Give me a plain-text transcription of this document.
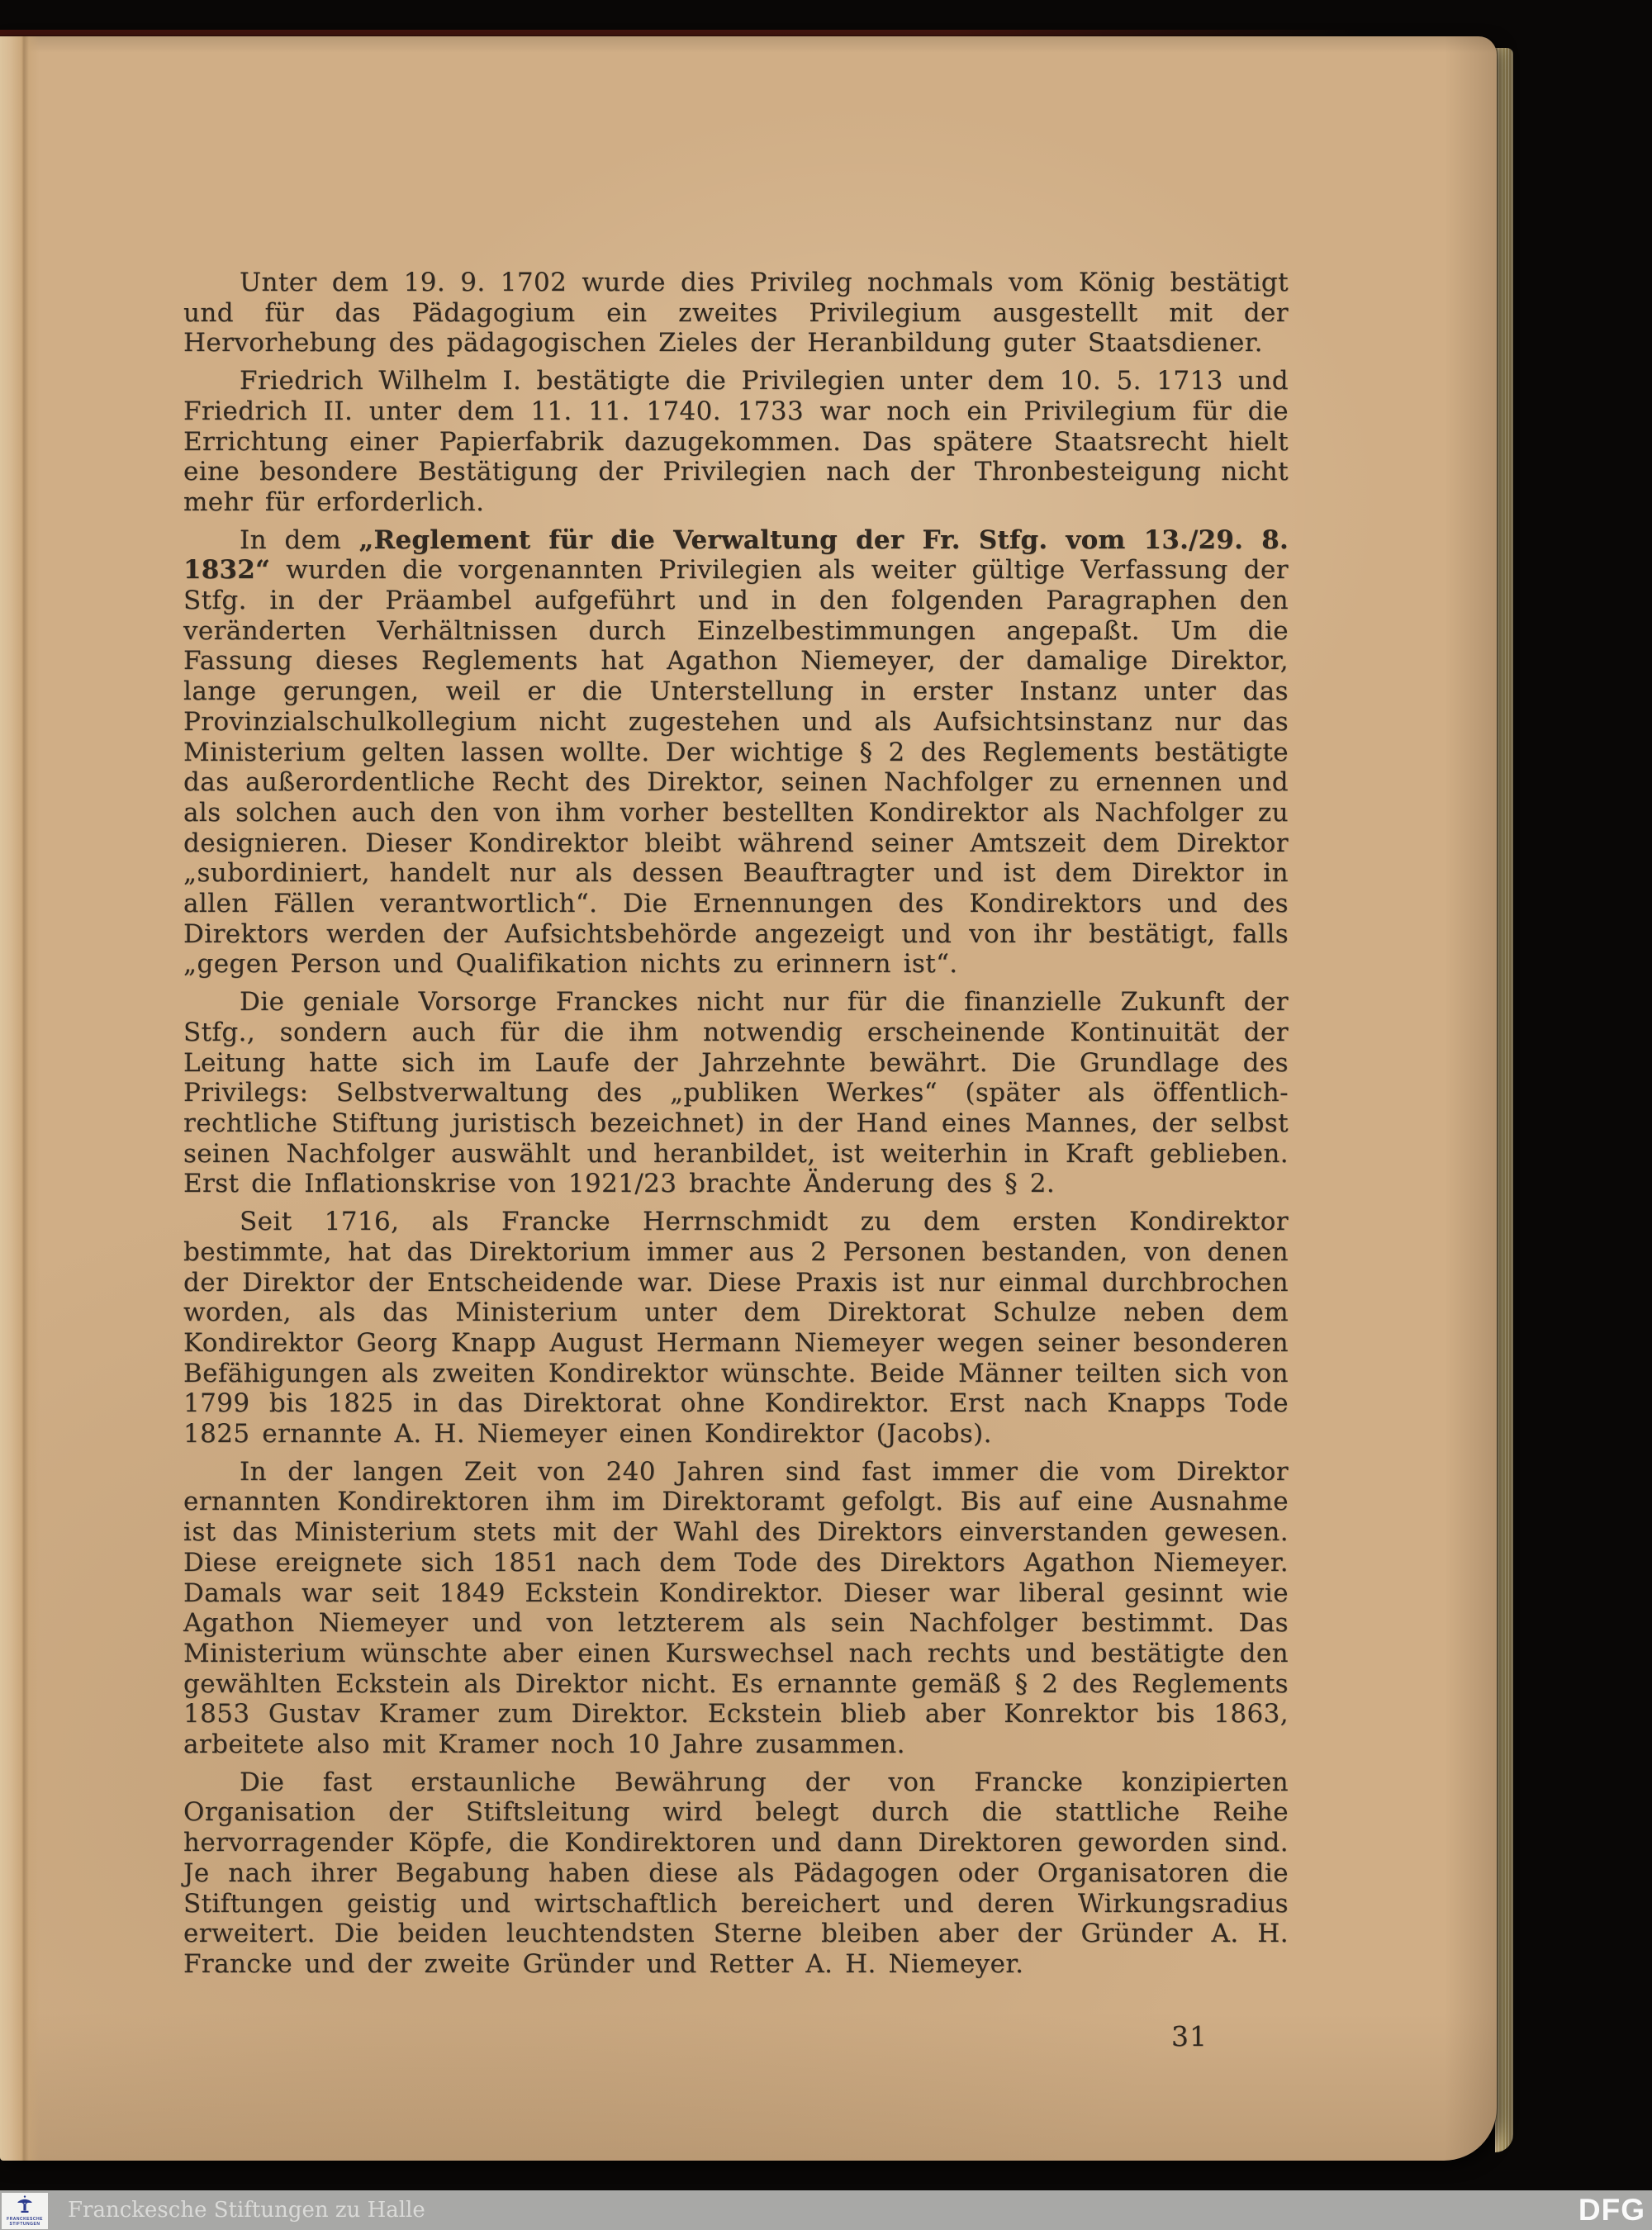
Unter dem 19. 9. 1702 wurde dies Privileg nochmals vom König bestätigt und für das Pädagogium ein zweites Privilegium ausgestellt mit der Hervorhebung des pädagogischen Zieles der Heranbildung guter Staatsdiener.

Friedrich Wilhelm I. bestätigte die Privilegien unter dem 10. 5. 1713 und Friedrich II. unter dem 11. 11. 1740. 1733 war noch ein Privilegium für die Errichtung einer Papierfabrik dazugekommen. Das spätere Staatsrecht hielt eine besondere Bestätigung der Privilegien nach der Thronbesteigung nicht mehr für erforderlich.

In dem „Reglement für die Verwaltung der Fr. Stfg. vom 13./29. 8. 1832“ wurden die vorgenannten Privilegien als weiter gültige Verfassung der Stfg. in der Präambel aufgeführt und in den folgenden Paragraphen den veränderten Verhältnissen durch Einzelbestimmungen angepaßt. Um die Fassung dieses Reglements hat Agathon Niemeyer, der damalige Direktor, lange gerungen, weil er die Unterstellung in erster Instanz unter das Provinzialschulkollegium nicht zugestehen und als Aufsichtsinstanz nur das Ministerium gelten lassen wollte. Der wichtige § 2 des Reglements bestätigte das außerordentliche Recht des Direktor, seinen Nachfolger zu ernennen und als solchen auch den von ihm vorher bestellten Kondirektor als Nachfolger zu designieren. Dieser Kondirektor bleibt während seiner Amtszeit dem Direktor „subordiniert, handelt nur als dessen Beauftragter und ist dem Direktor in allen Fällen verantwortlich“. Die Ernennungen des Kondirektors und des Direktors werden der Aufsichtsbehörde angezeigt und von ihr bestätigt, falls „gegen Person und Qualifikation nichts zu erinnern ist“.

Die geniale Vorsorge Franckes nicht nur für die finanzielle Zukunft der Stfg., sondern auch für die ihm notwendig erscheinende Kontinuität der Leitung hatte sich im Laufe der Jahrzehnte bewährt. Die Grundlage des Privilegs: Selbstverwaltung des „publiken Werkes“ (später als öffentlich-rechtliche Stiftung juristisch bezeichnet) in der Hand eines Mannes, der selbst seinen Nachfolger auswählt und heranbildet, ist weiterhin in Kraft geblieben. Erst die Inflationskrise von 1921/23 brachte Änderung des § 2.

Seit 1716, als Francke Herrnschmidt zu dem ersten Kondirektor bestimmte, hat das Direktorium immer aus 2 Personen bestanden, von denen der Direktor der Entscheidende war. Diese Praxis ist nur einmal durchbrochen worden, als das Ministerium unter dem Direktorat Schulze neben dem Kondirektor Georg Knapp August Hermann Niemeyer wegen seiner besonderen Befähigungen als zweiten Kondirektor wünschte. Beide Männer teilten sich von 1799 bis 1825 in das Direktorat ohne Kondirektor. Erst nach Knapps Tode 1825 ernannte A. H. Niemeyer einen Kondirektor (Jacobs).

In der langen Zeit von 240 Jahren sind fast immer die vom Direktor ernannten Kondirektoren ihm im Direktoramt gefolgt. Bis auf eine Ausnahme ist das Ministerium stets mit der Wahl des Direktors einverstanden gewesen. Diese ereignete sich 1851 nach dem Tode des Direktors Agathon Niemeyer. Damals war seit 1849 Eckstein Kondirektor. Dieser war liberal gesinnt wie Agathon Niemeyer und von letzterem als sein Nachfolger bestimmt. Das Ministerium wünschte aber einen Kurswechsel nach rechts und bestätigte den gewählten Eckstein als Direktor nicht. Es ernannte gemäß § 2 des Reglements 1853 Gustav Kramer zum Direktor. Eckstein blieb aber Konrektor bis 1863, arbeitete also mit Kramer noch 10 Jahre zusammen.

Die fast erstaunliche Bewährung der von Francke konzipierten Organisation der Stiftsleitung wird belegt durch die stattliche Reihe hervorragender Köpfe, die Kondirektoren und dann Direktoren geworden sind. Je nach ihrer Begabung haben diese als Pädagogen oder Organisatoren die Stiftungen geistig und wirtschaftlich bereichert und deren Wirkungsradius erweitert. Die beiden leuchtendsten Sterne bleiben aber der Gründer A. H. Francke und der zweite Gründer und Retter A. H. Niemeyer.

31
FRANCKESCHE
STIFTUNGEN
Franckesche Stiftungen zu Halle	DFG
